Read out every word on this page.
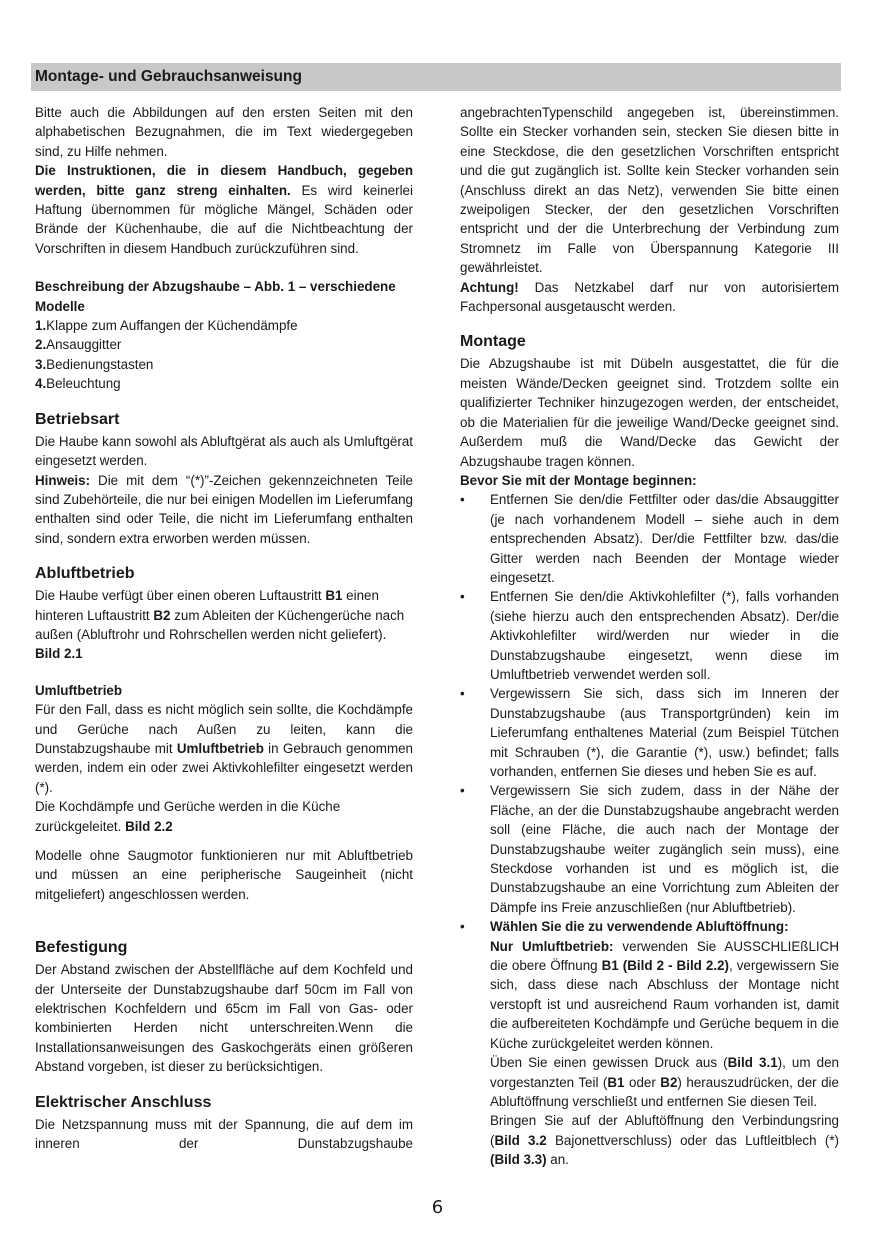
Montage- und Gebrauchsanweisung

Bitte auch die Abbildungen auf den ersten Seiten mit den alphabetischen Bezugnahmen, die im Text wiedergegeben sind, zu Hilfe nehmen.

Die Instruktionen, die in diesem Handbuch, gegeben werden, bitte ganz streng einhalten. Es wird keinerlei Haftung übernommen für mögliche Mängel, Schäden oder Brände der Küchenhaube, die auf die Nichtbeachtung der Vorschriften in diesem Handbuch zurückzuführen sind.

Beschreibung der Abzugshaube – Abb. 1 – verschiedene Modelle

1.Klappe zum Auffangen der Küchendämpfe
2.Ansauggitter
3.Bedienungstasten
4.Beleuchtung
Betriebsart

Die Haube kann sowohl als Abluftgërat als auch als Umluftgërat eingesetzt werden.

Hinweis: Die mit dem “(*)”-Zeichen gekennzeichneten Teile sind Zubehörteile, die nur bei einigen Modellen im Lieferumfang enthalten sind oder Teile, die nicht im Lieferumfang enthalten sind, sondern extra erworben werden müssen.

Abluftbetrieb

Die Haube verfügt über einen oberen Luftaustritt B1 einen hinteren Luftaustritt B2 zum Ableiten der Küchengerüche nach außen (Abluftrohr und Rohrschellen werden nicht geliefert).

Bild 2.1

Umluftbetrieb

Für den Fall, dass es nicht möglich sein sollte, die Kochdämpfe und Gerüche nach Außen zu leiten, kann die Dunstabzugshaube mit Umluftbetrieb in Gebrauch genommen werden, indem ein oder zwei Aktivkohlefilter eingesetzt werden (*).

Die Kochdämpfe und Gerüche werden in die Küche zurückgeleitet. Bild 2.2

Modelle ohne Saugmotor funktionieren nur mit Abluftbetrieb und müssen an eine peripherische Saugeinheit (nicht mitgeliefert) angeschlossen werden.

Befestigung

Der Abstand zwischen der Abstellfläche auf dem Kochfeld und der Unterseite der Dunstabzugshaube darf 50cm im Fall von elektrischen Kochfeldern und 65cm im Fall von Gas- oder kombinierten Herden nicht unterschreiten.Wenn die Installationsanweisungen des Gaskochgeräts einen größeren Abstand vorgeben, ist dieser zu berücksichtigen.

Elektrischer Anschluss

Die Netzspannung muss mit der Spannung, die auf dem im inneren der Dunstabzugshaube

angebrachtenTypenschild angegeben ist, übereinstimmen. Sollte ein Stecker vorhanden sein, stecken Sie diesen bitte in eine Steckdose, die den gesetzlichen Vorschriften entspricht und die gut zugänglich ist. Sollte kein Stecker vorhanden sein (Anschluss direkt an das Netz), verwenden Sie bitte einen zweipoligen Stecker, der den gesetzlichen Vorschriften entspricht und der die Unterbrechung der Verbindung zum Stromnetz im Falle von Überspannung Kategorie III gewährleistet.

Achtung! Das Netzkabel darf nur von autorisiertem Fachpersonal ausgetauscht werden.

Montage

Die Abzugshaube ist mit Dübeln ausgestattet, die für die meisten Wände/Decken geeignet sind. Trotzdem sollte ein qualifizierter Techniker hinzugezogen werden, der entscheidet, ob die Materialien für die jeweilige Wand/Decke geeignet sind. Außerdem muß die Wand/Decke das Gewicht der Abzugshaube tragen können.

Bevor Sie mit der Montage beginnen:

• Entfernen Sie den/die Fettfilter oder das/die Absauggitter (je nach vorhandenem Modell – siehe auch in dem entsprechenden Absatz). Der/die Fettfilter bzw. das/die Gitter werden nach Beenden der Montage wieder eingesetzt.
• Entfernen Sie den/die Aktivkohlefilter (*), falls vorhanden (siehe hierzu auch den entsprechenden Absatz). Der/die Aktivkohlefilter wird/werden nur wieder in die Dunstabzugshaube eingesetzt, wenn diese im Umluftbetrieb verwendet werden soll.
• Vergewissern Sie sich, dass sich im Inneren der Dunstabzugshaube (aus Transportgründen) kein im Lieferumfang enthaltenes Material (zum Beispiel Tütchen mit Schrauben (*), die Garantie (*), usw.) befindet; falls vorhanden, entfernen Sie dieses und heben Sie es auf.
• Vergewissern Sie sich zudem, dass in der Nähe der Fläche, an der die Dunstabzugshaube angebracht werden soll (eine Fläche, die auch nach der Montage der Dunstabzugshaube weiter zugänglich sein muss), eine Steckdose vorhanden ist und es möglich ist, die Dunstabzugshaube an eine Vorrichtung zum Ableiten der Dämpfe ins Freie anzuschließen (nur Abluftbetrieb).
• Wählen Sie die zu verwendende Abluftöffnung:

Nur Umluftbetrieb: verwenden Sie AUSSCHLIEßLICH die obere Öffnung B1 (Bild 2 - Bild 2.2), vergewissern Sie sich, dass diese nach Abschluss der Montage nicht verstopft ist und ausreichend Raum vorhanden ist, damit die aufbereiteten Kochdämpfe und Gerüche bequem in die Küche zurückgeleitet werden können.

Üben Sie einen gewissen Druck aus (Bild 3.1), um den vorgestanzten Teil (B1 oder B2) herauszudrücken, der die Abluftöffnung verschließt und entfernen Sie diesen Teil.

Bringen Sie auf der Abluftöffnung den Verbindungsring (Bild 3.2 Bajonettverschluss) oder das Luftleitblech (*) (Bild 3.3) an.

6
